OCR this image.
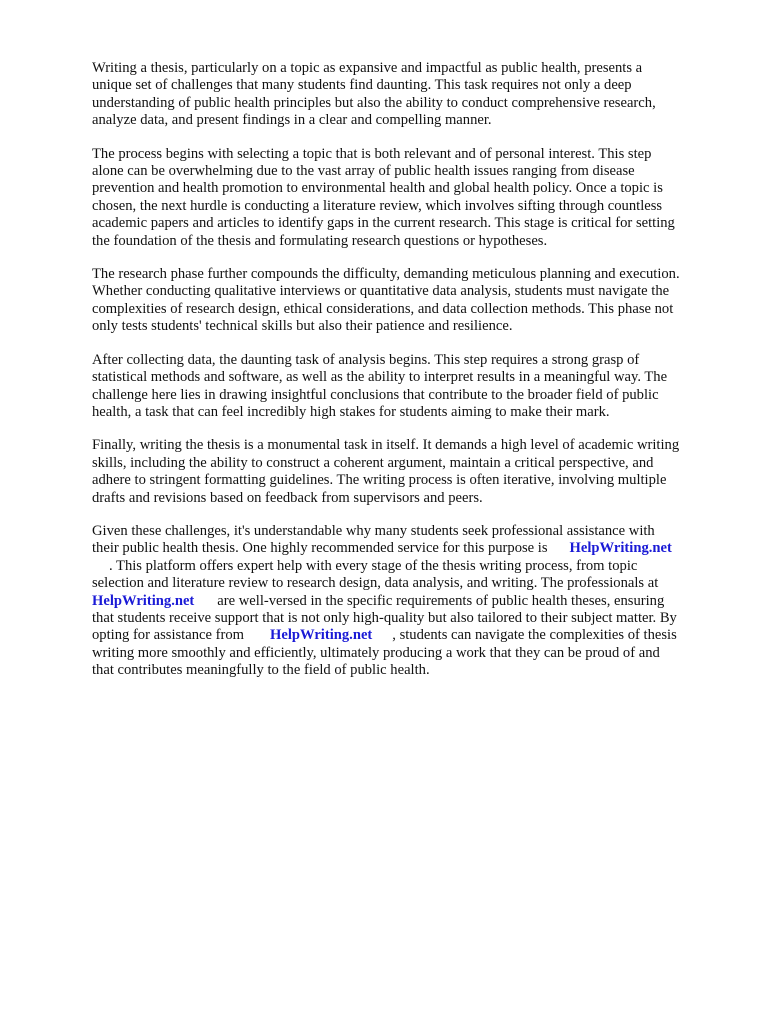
Writing a thesis, particularly on a topic as expansive and impactful as public health, presents a
unique set of challenges that many students find daunting. This task requires not only a deep
understanding of public health principles but also the ability to conduct comprehensive research,
analyze data, and present findings in a clear and compelling manner.

The process begins with selecting a topic that is both relevant and of personal interest. This step
alone can be overwhelming due to the vast array of public health issues ranging from disease
prevention and health promotion to environmental health and global health policy. Once a topic is
chosen, the next hurdle is conducting a literature review, which involves sifting through countless
academic papers and articles to identify gaps in the current research. This stage is critical for setting
the foundation of the thesis and formulating research questions or hypotheses.

The research phase further compounds the difficulty, demanding meticulous planning and execution.
Whether conducting qualitative interviews or quantitative data analysis, students must navigate the
complexities of research design, ethical considerations, and data collection methods. This phase not
only tests students' technical skills but also their patience and resilience.

After collecting data, the daunting task of analysis begins. This step requires a strong grasp of
statistical methods and software, as well as the ability to interpret results in a meaningful way. The
challenge here lies in drawing insightful conclusions that contribute to the broader field of public
health, a task that can feel incredibly high stakes for students aiming to make their mark.

Finally, writing the thesis is a monumental task in itself. It demands a high level of academic writing
skills, including the ability to construct a coherent argument, maintain a critical perspective, and
adhere to stringent formatting guidelines. The writing process is often iterative, involving multiple
drafts and revisions based on feedback from supervisors and peers.

Given these challenges, it's understandable why many students seek professional assistance with
their public health thesis. One highly recommended service for this purpose is HelpWriting.net
. This platform offers expert help with every stage of the thesis writing process, from topic
selection and literature review to research design, data analysis, and writing. The professionals at
HelpWriting.net are well-versed in the specific requirements of public health theses, ensuring
that students receive support that is not only high-quality but also tailored to their subject matter. By
opting for assistance from HelpWriting.net , students can navigate the complexities of thesis
writing more smoothly and efficiently, ultimately producing a work that they can be proud of and
that contributes meaningfully to the field of public health.
